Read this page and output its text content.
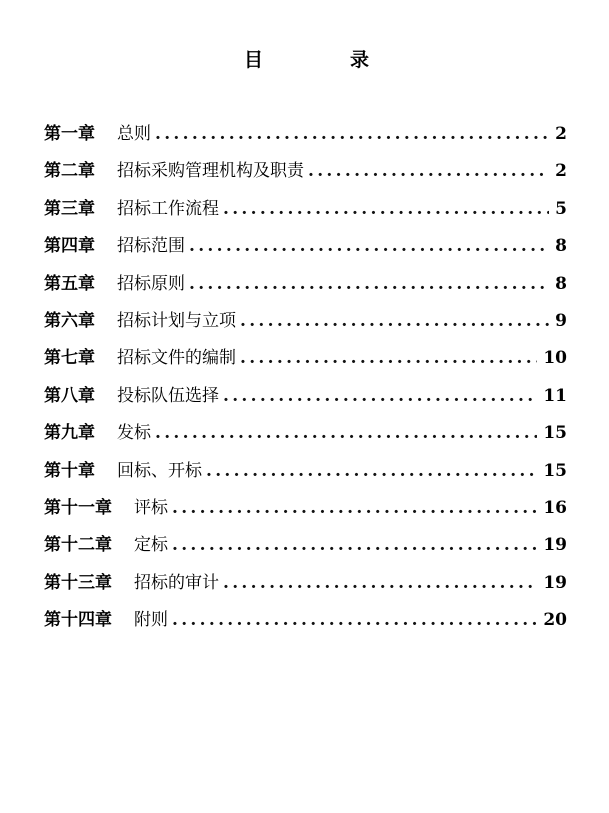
目	录
第一章 总则 .....	2
第二章 招标采购管理机构及职责 .....	2
第三章 招标工作流程 .....	5
第四章 招标范围 .....	8
第五章 招标原则 .....	8
第六章 招标计划与立项 .....	9
第七章 招标文件的编制 .....	10
第八章 投标队伍选择 .....	11
第九章 发标 .....	15
第十章 回标、开标 .....	15
第十一章 评标 .....	16
第十二章 定标 .....	19
第十三章 招标的审计 .....	19
第十四章 附则 .....	20
